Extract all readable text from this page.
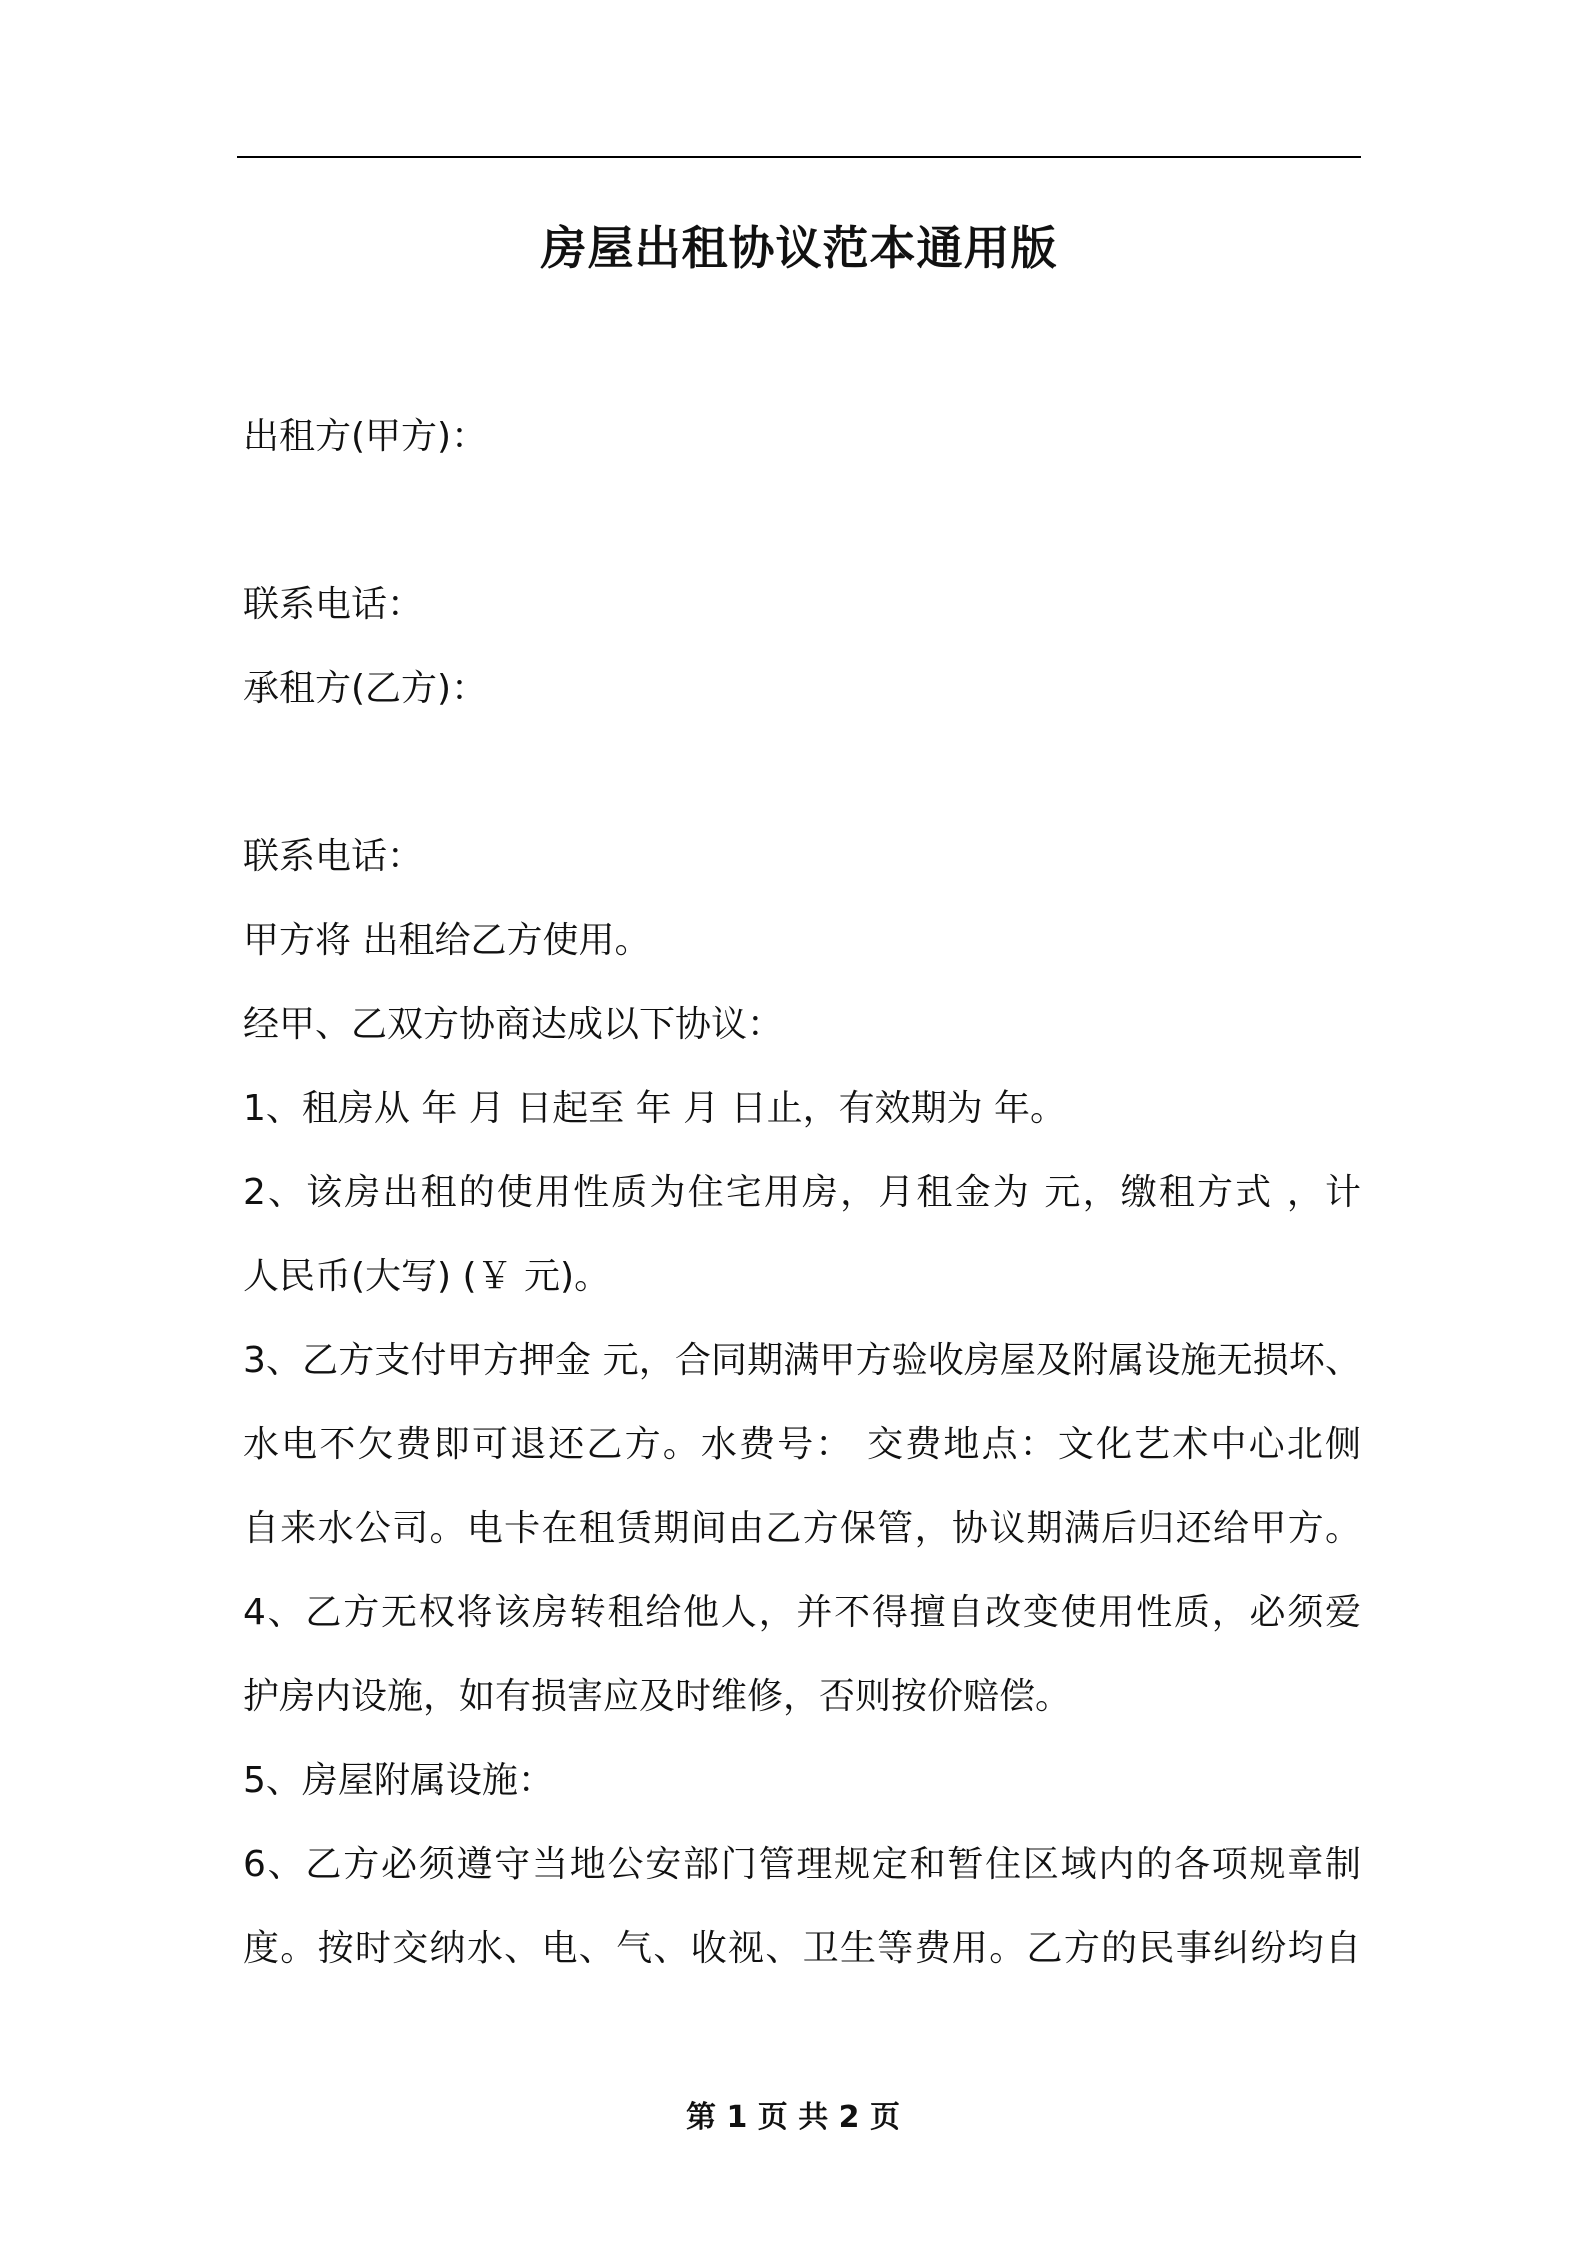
房屋出租协议范本通用版
出租方(甲方)：
联系电话：
承租方(乙方)：
联系电话：
甲方将 出租给乙方使用。
经甲、乙双方协商达成以下协议：
1、租房从 年 月 日起至 年 月 日止，有效期为 年。
2、该房出租的使用性质为住宅用房，月租金为 元，缴租方式 ，计
人民币(大写) (￥ 元)。
3、乙方支付甲方押金 元，合同期满甲方验收房屋及附属设施无损坏、
水电不欠费即可退还乙方。水费号： 交费地点：文化艺术中心北侧
自来水公司。电卡在租赁期间由乙方保管，协议期满后归还给甲方。
4、乙方无权将该房转租给他人，并不得擅自改变使用性质，必须爱
护房内设施，如有损害应及时维修，否则按价赔偿。
5、房屋附属设施：
6、乙方必须遵守当地公安部门管理规定和暂住区域内的各项规章制
度。按时交纳水、电、气、收视、卫生等费用。乙方的民事纠纷均自
第 1 页 共 2 页
